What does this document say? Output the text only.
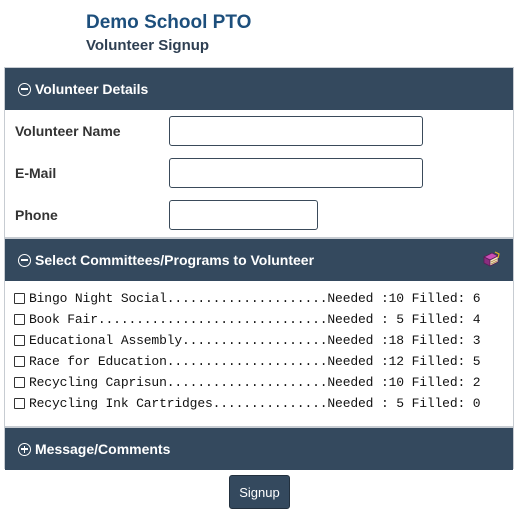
Demo School PTO
Volunteer Signup
Volunteer Details
Volunteer Name
E-Mail
Phone
Select Committees/Programs to Volunteer
Bingo Night Social.....................Needed :10 Filled: 6
Book Fair..............................Needed : 5 Filled: 4
Educational Assembly...................Needed :18 Filled: 3
Race for Education.....................Needed :12 Filled: 5
Recycling Caprisun.....................Needed :10 Filled: 2
Recycling Ink Cartridges...............Needed : 5 Filled: 0
Message/Comments
Signup
